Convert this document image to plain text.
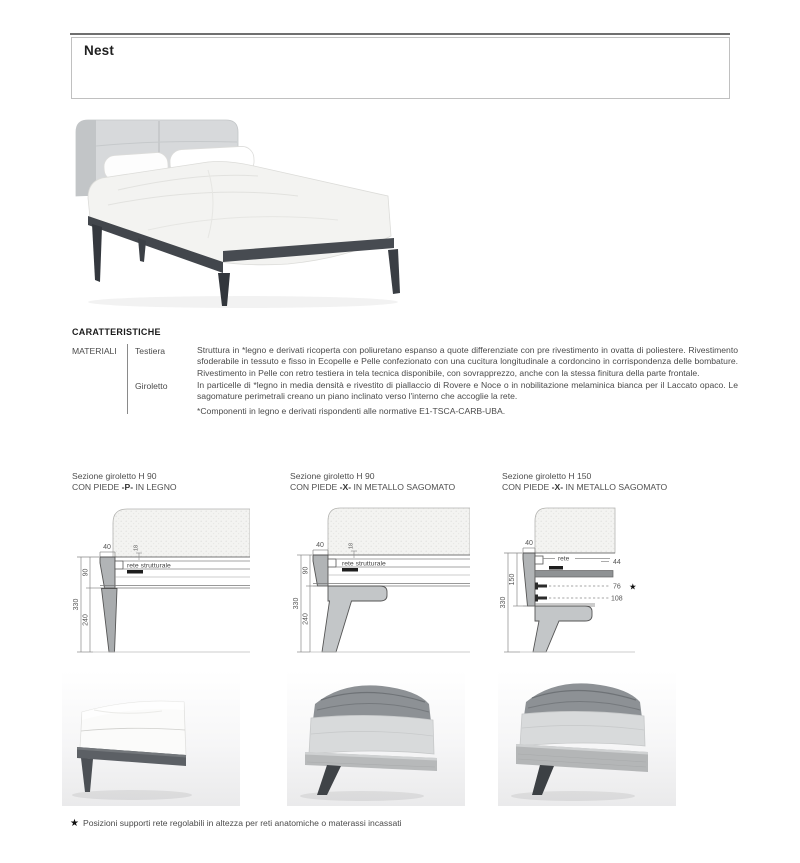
Nest
CARATTERISTICHE
MATERIALI Testiera	Struttura in *legno e derivati ricoperta con poliuretano espanso a quote differenziate con pre rivestimento in ovatta di poliestere. Rivestimento sfoderabile in tessuto e fisso in Ecopelle e Pelle confezionato con una cucitura longitudinale a cordoncino in corrispondenza delle bombature. Rivestimento in Pelle con retro testiera in tela tecnica disponibile, con sovrapprezzo, anche con la stessa finitura della parte frontale.
Giroletto	In particelle di *legno in media densità e rivestito di piallaccio di Rovere e Noce o in nobilitazione melaminica bianca per il Laccato opaco. Le sagomature perimetrali creano un piano inclinato verso l'interno che accoglie la rete.
*Componenti in legno e derivati rispondenti alle normative E1-TSCA-CARB-UBA.
Sezione giroletto H 90
CON PIEDE -P- IN LEGNO
Sezione giroletto H 90
CON PIEDE -X- IN METALLO SAGOMATO
Sezione giroletto H 150
CON PIEDE -X- IN METALLO SAGOMATO
40
rete strutturale
18
330
90
240
40
rete strutturale
18
330
90
240
40
rete	44
76 ★
108
330
150
★ Posizioni supporti rete regolabili in altezza per reti anatomiche o materassi incassati
